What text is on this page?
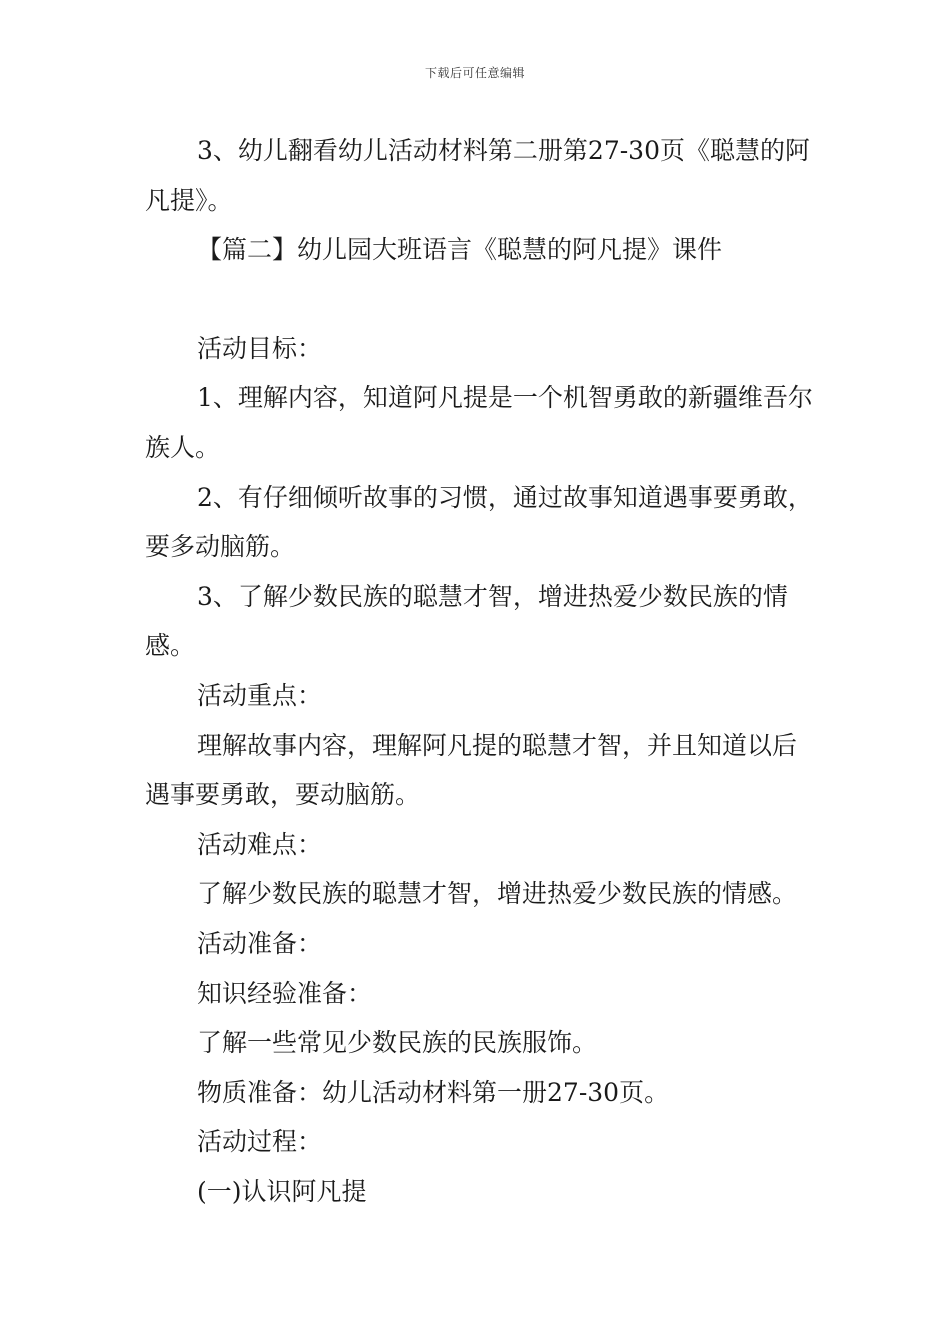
下载后可任意编辑

3、幼儿翻看幼儿活动材料第二册第27-30页《聪慧的阿凡提》。

【篇二】幼儿园大班语言《聪慧的阿凡提》课件

活动目标：

1、理解内容，知道阿凡提是一个机智勇敢的新疆维吾尔族人。

2、有仔细倾听故事的习惯，通过故事知道遇事要勇敢，要多动脑筋。

3、了解少数民族的聪慧才智，增进热爱少数民族的情感。

活动重点：

理解故事内容，理解阿凡提的聪慧才智，并且知道以后遇事要勇敢，要动脑筋。

活动难点：

了解少数民族的聪慧才智，增进热爱少数民族的情感。

活动准备：

知识经验准备：

了解一些常见少数民族的民族服饰。

物质准备：幼儿活动材料第一册27-30页。

活动过程：

(一)认识阿凡提
